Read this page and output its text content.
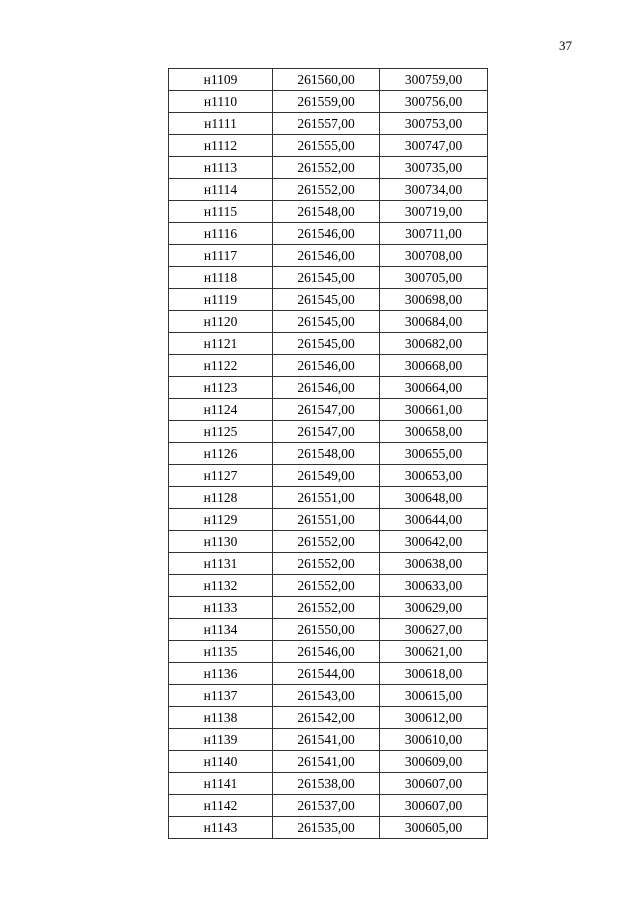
37
н1109	261560,00	300759,00
н1110	261559,00	300756,00
н1111	261557,00	300753,00
н1112	261555,00	300747,00
н1113	261552,00	300735,00
н1114	261552,00	300734,00
н1115	261548,00	300719,00
н1116	261546,00	300711,00
н1117	261546,00	300708,00
н1118	261545,00	300705,00
н1119	261545,00	300698,00
н1120	261545,00	300684,00
н1121	261545,00	300682,00
н1122	261546,00	300668,00
н1123	261546,00	300664,00
н1124	261547,00	300661,00
н1125	261547,00	300658,00
н1126	261548,00	300655,00
н1127	261549,00	300653,00
н1128	261551,00	300648,00
н1129	261551,00	300644,00
н1130	261552,00	300642,00
н1131	261552,00	300638,00
н1132	261552,00	300633,00
н1133	261552,00	300629,00
н1134	261550,00	300627,00
н1135	261546,00	300621,00
н1136	261544,00	300618,00
н1137	261543,00	300615,00
н1138	261542,00	300612,00
н1139	261541,00	300610,00
н1140	261541,00	300609,00
н1141	261538,00	300607,00
н1142	261537,00	300607,00
н1143	261535,00	300605,00
